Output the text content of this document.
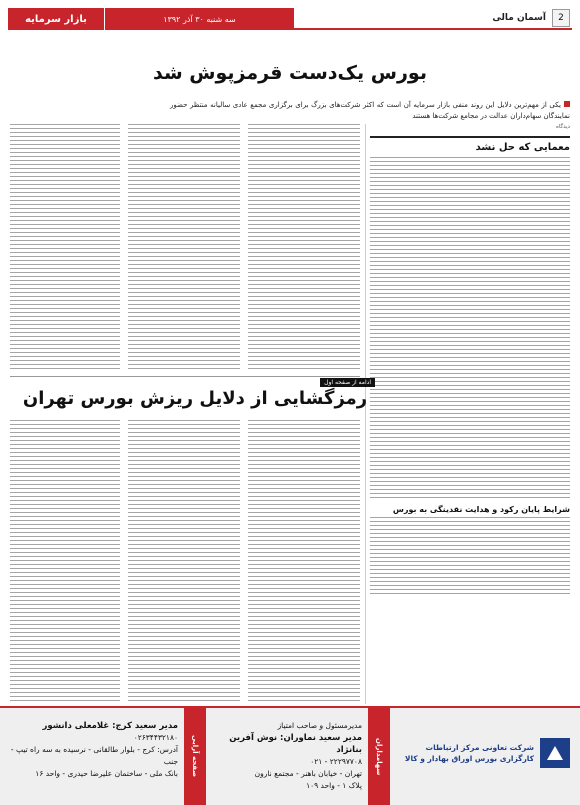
بازار سرمایه	سه شنبه ۳۰ آذر ۱۳۹۲	آسمان مالی	2
بورس یک‌دست قرمزپوش شد
یکی از مهم‌ترین دلایل این روند منفی بازار سرمایه آن است که اکثر شرکت‌های بزرگ برای برگزاری مجمع عادی سالیانه منتظر حضور نمایندگان سهام‌داران عدالت در مجامع شرکت‌ها هستند
دیدگاه
معمایی که حل نشد
شرایط پایان رکود و هدایت نقدینگی به بورس
ادامه از صفحه اول
رمزگشایی از دلایل ریزش بورس تهران
شرکت تعاونی مرکز ارتباطات
کارگزاری بورس اوراق بهادار و کالا
سهامداران
مدیرمسئول و صاحب امتیاز
مدیر سعید نماوران: نوش آفرین بنانژاد
۲۲۲۹۷۷۰۸ - ۰۲۱
تهران - خیابان باهنر - مجتمع نارون
پلاک ۱ - واحد ۱۰۹
صفحه آرایی
مدیر سعید کرج: غلامعلی دانشور
۰۲۶۳۴۴۳۲۱۸۰
آدرس: کرج - بلوار طالقانی - نرسیده به سه راه تیپ - جنب
بانک ملی - ساختمان علیرضا حیدری - واحد ۱۶
